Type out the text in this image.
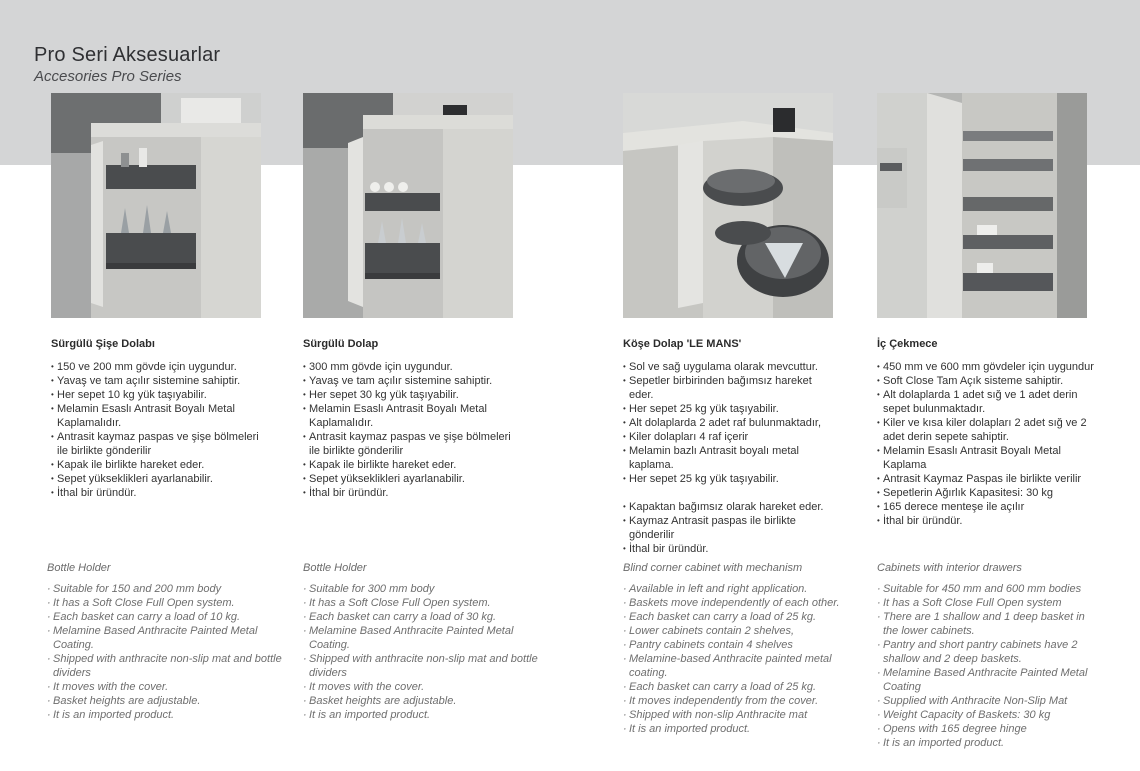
Pro Seri Aksesuarlar
Accesories Pro Series
Sürgülü Şişe Dolabı
• 150 ve 200 mm gövde için uygundur.
• Yavaş ve tam açılır sistemine sahiptir.
• Her sepet 10 kg yük taşıyabilir.
• Melamin Esaslı Antrasit Boyalı Metal Kaplamalıdır.
• Antrasit kaymaz paspas ve şişe bölmeleri ile birlikte gönderilir
• Kapak ile birlikte hareket eder.
• Sepet yükseklikleri ayarlanabilir.
• İthal bir üründür.
Bottle Holder
· Suitable for 150 and 200 mm body
· It has a Soft Close Full Open system.
· Each basket can carry a load of 10 kg.
· Melamine Based Anthracite Painted Metal Coating.
· Shipped with anthracite non-slip mat and bottle dividers
· It moves with the cover.
· Basket heights are adjustable.
· It is an imported product.
Sürgülü Dolap
• 300 mm gövde için uygundur.
• Yavaş ve tam açılır sistemine sahiptir.
• Her sepet 30 kg yük taşıyabilir.
• Melamin Esaslı Antrasit Boyalı Metal Kaplamalıdır.
• Antrasit kaymaz paspas ve şişe bölmeleri ile birlikte gönderilir
• Kapak ile birlikte hareket eder.
• Sepet yükseklikleri ayarlanabilir.
• İthal bir üründür.
Bottle Holder
· Suitable for 300 mm body
· It has a Soft Close Full Open system.
· Each basket can carry a load of 30 kg.
· Melamine Based Anthracite Painted Metal Coating.
· Shipped with anthracite non-slip mat and bottle dividers
· It moves with the cover.
· Basket heights are adjustable.
· It is an imported product.
Köşe Dolap 'LE MANS'
• Sol ve sağ uygulama olarak mevcuttur.
• Sepetler birbirinden bağımsız hareket eder.
• Her sepet 25 kg yük taşıyabilir.
• Alt dolaplarda 2 adet raf bulunmaktadır,
• Kiler dolapları 4 raf içerir
• Melamin bazlı Antrasit boyalı metal kaplama.
• Her sepet 25 kg yük taşıyabilir.
• Kapaktan bağımsız olarak hareket eder.
• Kaymaz Antrasit paspas ile birlikte gönderilir
• İthal bir üründür.
Blind corner cabinet with mechanism
· Available in left and right application.
· Baskets move independently of each other.
· Each basket can carry a load of 25 kg.
· Lower cabinets contain 2 shelves,
· Pantry cabinets contain 4 shelves
· Melamine-based Anthracite painted metal coating.
· Each basket can carry a load of 25 kg.
· It moves independently from the cover.
· Shipped with non-slip Anthracite mat
· It is an imported product.
İç Çekmece
• 450 mm ve 600 mm gövdeler için uygundur
• Soft Close Tam Açık sisteme sahiptir.
• Alt dolaplarda 1 adet sığ ve 1 adet derin sepet bulunmaktadır.
• Kiler ve kısa kiler dolapları 2 adet sığ ve 2 adet derin sepete sahiptir.
• Melamin Esaslı Antrasit Boyalı Metal Kaplama
• Antrasit Kaymaz Paspas ile birlikte verilir
• Sepetlerin Ağırlık Kapasitesi: 30 kg
• 165 derece menteşe ile açılır
• İthal bir üründür.
Cabinets with interior drawers
· Suitable for 450 mm and 600 mm bodies
· It has a Soft Close Full Open system
· There are 1 shallow and 1 deep basket in the lower cabinets.
· Pantry and short pantry cabinets have 2 shallow and 2 deep baskets.
· Melamine Based Anthracite Painted Metal Coating
· Supplied with Anthracite Non-Slip Mat
· Weight Capacity of Baskets: 30 kg
· Opens with 165 degree hinge
· It is an imported product.
